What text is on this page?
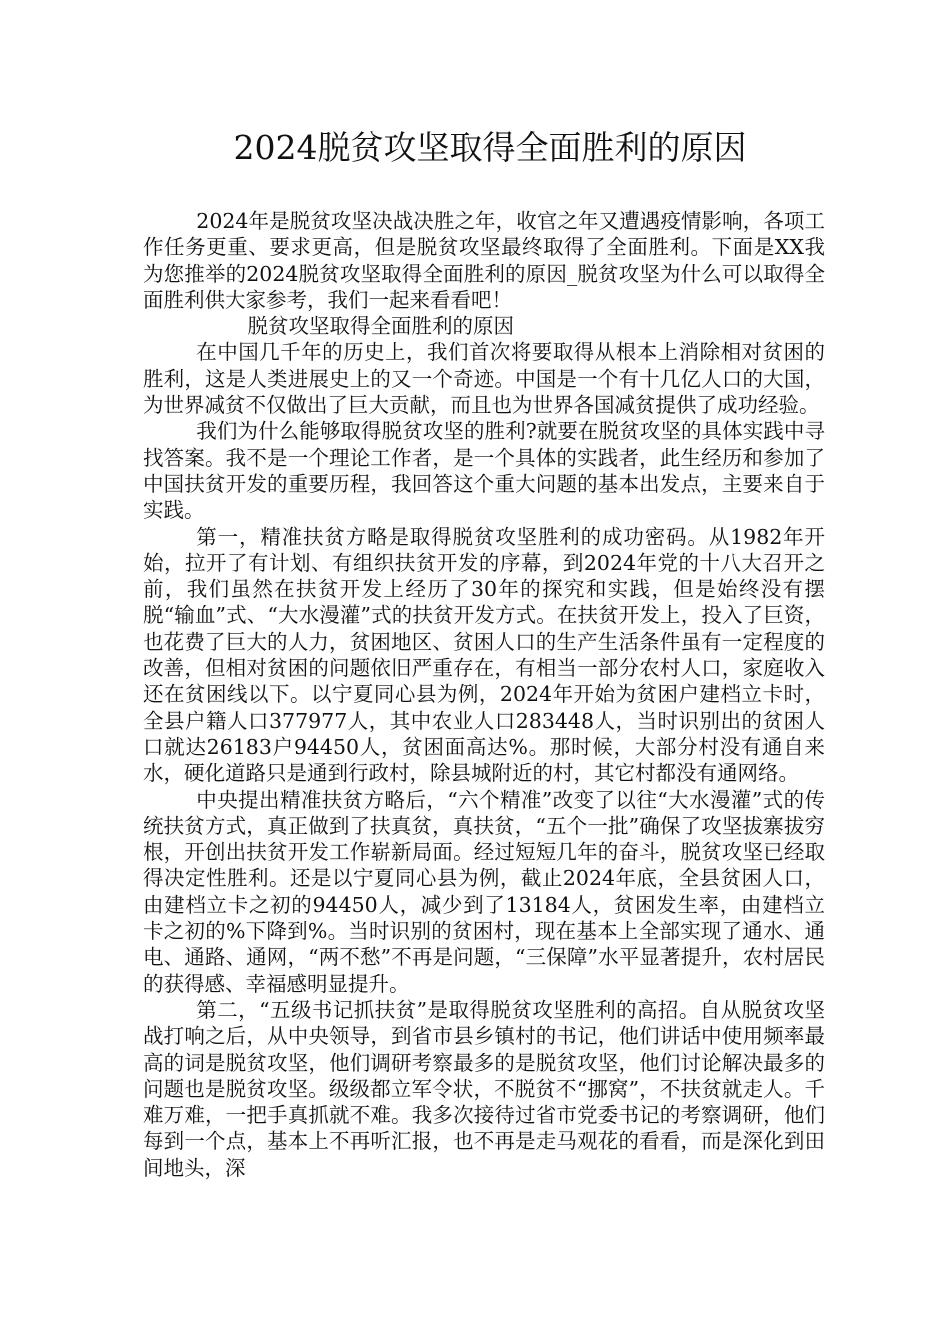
2024脱贫攻坚取得全面胜利的原因

2024年是脱贫攻坚决战决胜之年，收官之年又遭遇疫情影响，各项工作任务更重、要求更高，但是脱贫攻坚最终取得了全面胜利。下面是XX我为您推举的2024脱贫攻坚取得全面胜利的原因_脱贫攻坚为什么可以取得全面胜利供大家参考，我们一起来看看吧！

脱贫攻坚取得全面胜利的原因

在中国几千年的历史上，我们首次将要取得从根本上消除相对贫困的胜利，这是人类进展史上的又一个奇迹。中国是一个有十几亿人口的大国，为世界减贫不仅做出了巨大贡献，而且也为世界各国减贫提供了成功经验。

我们为什么能够取得脱贫攻坚的胜利?就要在脱贫攻坚的具体实践中寻找答案。我不是一个理论工作者，是一个具体的实践者，此生经历和参加了中国扶贫开发的重要历程，我回答这个重大问题的基本出发点，主要来自于实践。

第一，精准扶贫方略是取得脱贫攻坚胜利的成功密码。从1982年开始，拉开了有计划、有组织扶贫开发的序幕，到2024年党的十八大召开之前，我们虽然在扶贫开发上经历了30年的探究和实践，但是始终没有摆脱“输血”式、“大水漫灌”式的扶贫开发方式。在扶贫开发上，投入了巨资，也花费了巨大的人力，贫困地区、贫困人口的生产生活条件虽有一定程度的改善，但相对贫困的问题依旧严重存在，有相当一部分农村人口，家庭收入还在贫困线以下。以宁夏同心县为例，2024年开始为贫困户建档立卡时，全县户籍人口377977人，其中农业人口283448人，当时识别出的贫困人口就达26183户94450人，贫困面高达%。那时候，大部分村没有通自来水，硬化道路只是通到行政村，除县城附近的村，其它村都没有通网络。

中央提出精准扶贫方略后，“六个精准”改变了以往“大水漫灌”式的传统扶贫方式，真正做到了扶真贫，真扶贫，“五个一批”确保了攻坚拔寨拔穷根，开创出扶贫开发工作崭新局面。经过短短几年的奋斗，脱贫攻坚已经取得决定性胜利。还是以宁夏同心县为例，截止2024年底，全县贫困人口，由建档立卡之初的94450人，减少到了13184人，贫困发生率，由建档立卡之初的%下降到%。当时识别的贫困村，现在基本上全部实现了通水、通电、通路、通网，“两不愁”不再是问题，“三保障”水平显著提升，农村居民的获得感、幸福感明显提升。

第二，“五级书记抓扶贫”是取得脱贫攻坚胜利的高招。自从脱贫攻坚战打响之后，从中央领导，到省市县乡镇村的书记，他们讲话中使用频率最高的词是脱贫攻坚，他们调研考察最多的是脱贫攻坚，他们讨论解决最多的问题也是脱贫攻坚。级级都立军令状，不脱贫不“挪窝”，不扶贫就走人。千难万难，一把手真抓就不难。我多次接待过省市党委书记的考察调研，他们每到一个点，基本上不再听汇报，也不再是走马观花的看看，而是深化到田间地头，深
